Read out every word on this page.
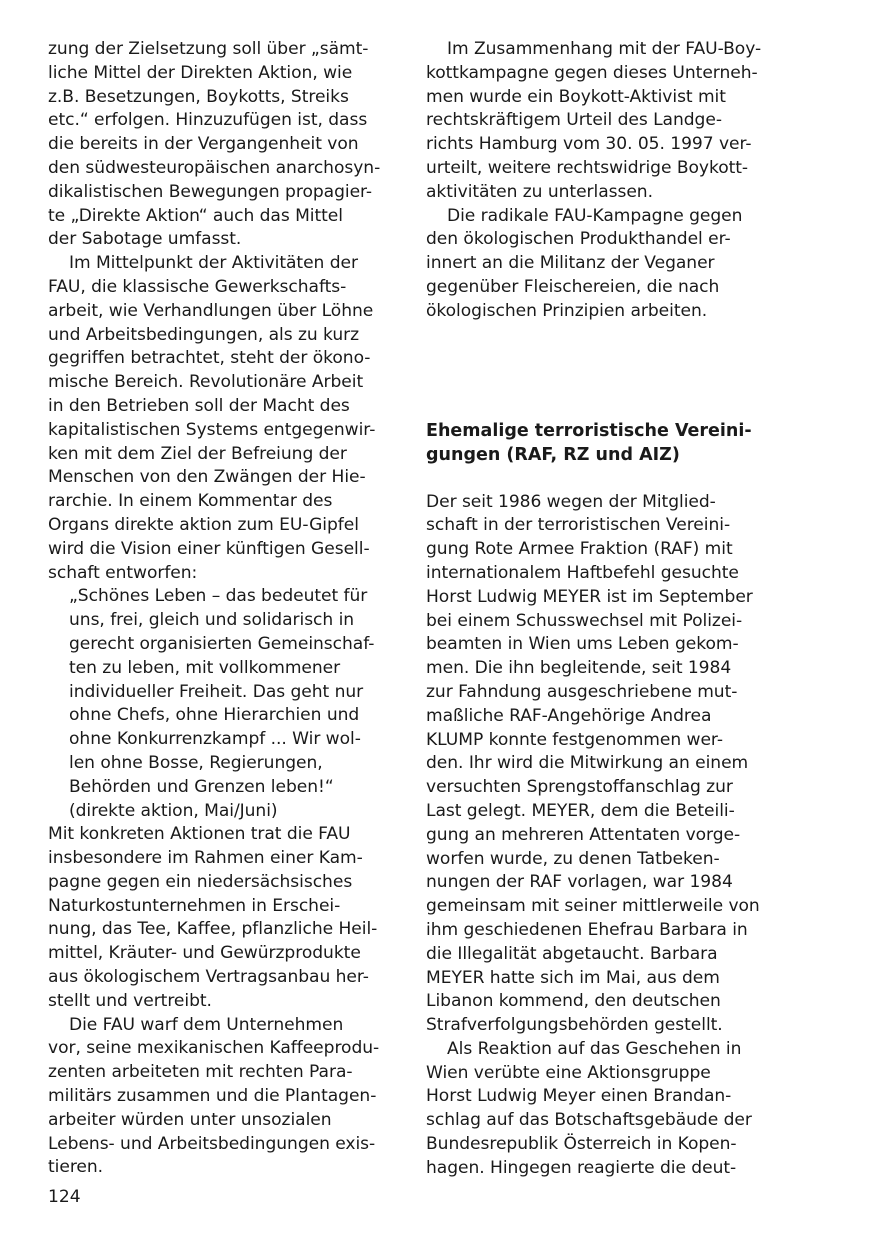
zung der Zielsetzung soll über „sämt-
liche Mittel der Direkten Aktion, wie
z.B. Besetzungen, Boykotts, Streiks
etc.“ erfolgen. Hinzuzufügen ist, dass
die bereits in der Vergangenheit von
den südwesteuropäischen anarchosyn-
dikalistischen Bewegungen propagier-
te „Direkte Aktion“ auch das Mittel
der Sabotage umfasst.
Im Mittelpunkt der Aktivitäten der
FAU, die klassische Gewerkschafts-
arbeit, wie Verhandlungen über Löhne
und Arbeitsbedingungen, als zu kurz
gegriffen betrachtet, steht der ökono-
mische Bereich. Revolutionäre Arbeit
in den Betrieben soll der Macht des
kapitalistischen Systems entgegenwir-
ken mit dem Ziel der Befreiung der
Menschen von den Zwängen der Hie-
rarchie. In einem Kommentar des
Organs direkte aktion zum EU-Gipfel
wird die Vision einer künftigen Gesell-
schaft entworfen:
„Schönes Leben – das bedeutet für
uns, frei, gleich und solidarisch in
gerecht organisierten Gemeinschaf-
ten zu leben, mit vollkommener
individueller Freiheit. Das geht nur
ohne Chefs, ohne Hierarchien und
ohne Konkurrenzkampf ... Wir wol-
len ohne Bosse, Regierungen,
Behörden und Grenzen leben!“
(direkte aktion, Mai/Juni)
Mit konkreten Aktionen trat die FAU
insbesondere im Rahmen einer Kam-
pagne gegen ein niedersächsisches
Naturkostunternehmen in Erschei-
nung, das Tee, Kaffee, pflanzliche Heil-
mittel, Kräuter- und Gewürzprodukte
aus ökologischem Vertragsanbau her-
stellt und vertreibt.
Die FAU warf dem Unternehmen
vor, seine mexikanischen Kaffeeprodu-
zenten arbeiteten mit rechten Para-
militärs zusammen und die Plantagen-
arbeiter würden unter unsozialen
Lebens- und Arbeitsbedingungen exis-
tieren.
Im Zusammenhang mit der FAU-Boy-
kottkampagne gegen dieses Unterneh-
men wurde ein Boykott-Aktivist mit
rechtskräftigem Urteil des Landge-
richts Hamburg vom 30. 05. 1997 ver-
urteilt, weitere rechtswidrige Boykott-
aktivitäten zu unterlassen.
Die radikale FAU-Kampagne gegen
den ökologischen Produkthandel er-
innert an die Militanz der Veganer
gegenüber Fleischereien, die nach
ökologischen Prinzipien arbeiten.
Ehemalige terroristische Vereini-
gungen (RAF, RZ und AIZ)
Der seit 1986 wegen der Mitglied-
schaft in der terroristischen Vereini-
gung Rote Armee Fraktion (RAF) mit
internationalem Haftbefehl gesuchte
Horst Ludwig MEYER ist im September
bei einem Schusswechsel mit Polizei-
beamten in Wien ums Leben gekom-
men. Die ihn begleitende, seit 1984
zur Fahndung ausgeschriebene mut-
maßliche RAF-Angehörige Andrea
KLUMP konnte festgenommen wer-
den. Ihr wird die Mitwirkung an einem
versuchten Sprengstoffanschlag zur
Last gelegt. MEYER, dem die Beteili-
gung an mehreren Attentaten vorge-
worfen wurde, zu denen Tatbeken-
nungen der RAF vorlagen, war 1984
gemeinsam mit seiner mittlerweile von
ihm geschiedenen Ehefrau Barbara in
die Illegalität abgetaucht. Barbara
MEYER hatte sich im Mai, aus dem
Libanon kommend, den deutschen
Strafverfolgungsbehörden gestellt.
Als Reaktion auf das Geschehen in
Wien verübte eine Aktionsgruppe
Horst Ludwig Meyer einen Brandan-
schlag auf das Botschaftsgebäude der
Bundesrepublik Österreich in Kopen-
hagen. Hingegen reagierte die deut-
124
